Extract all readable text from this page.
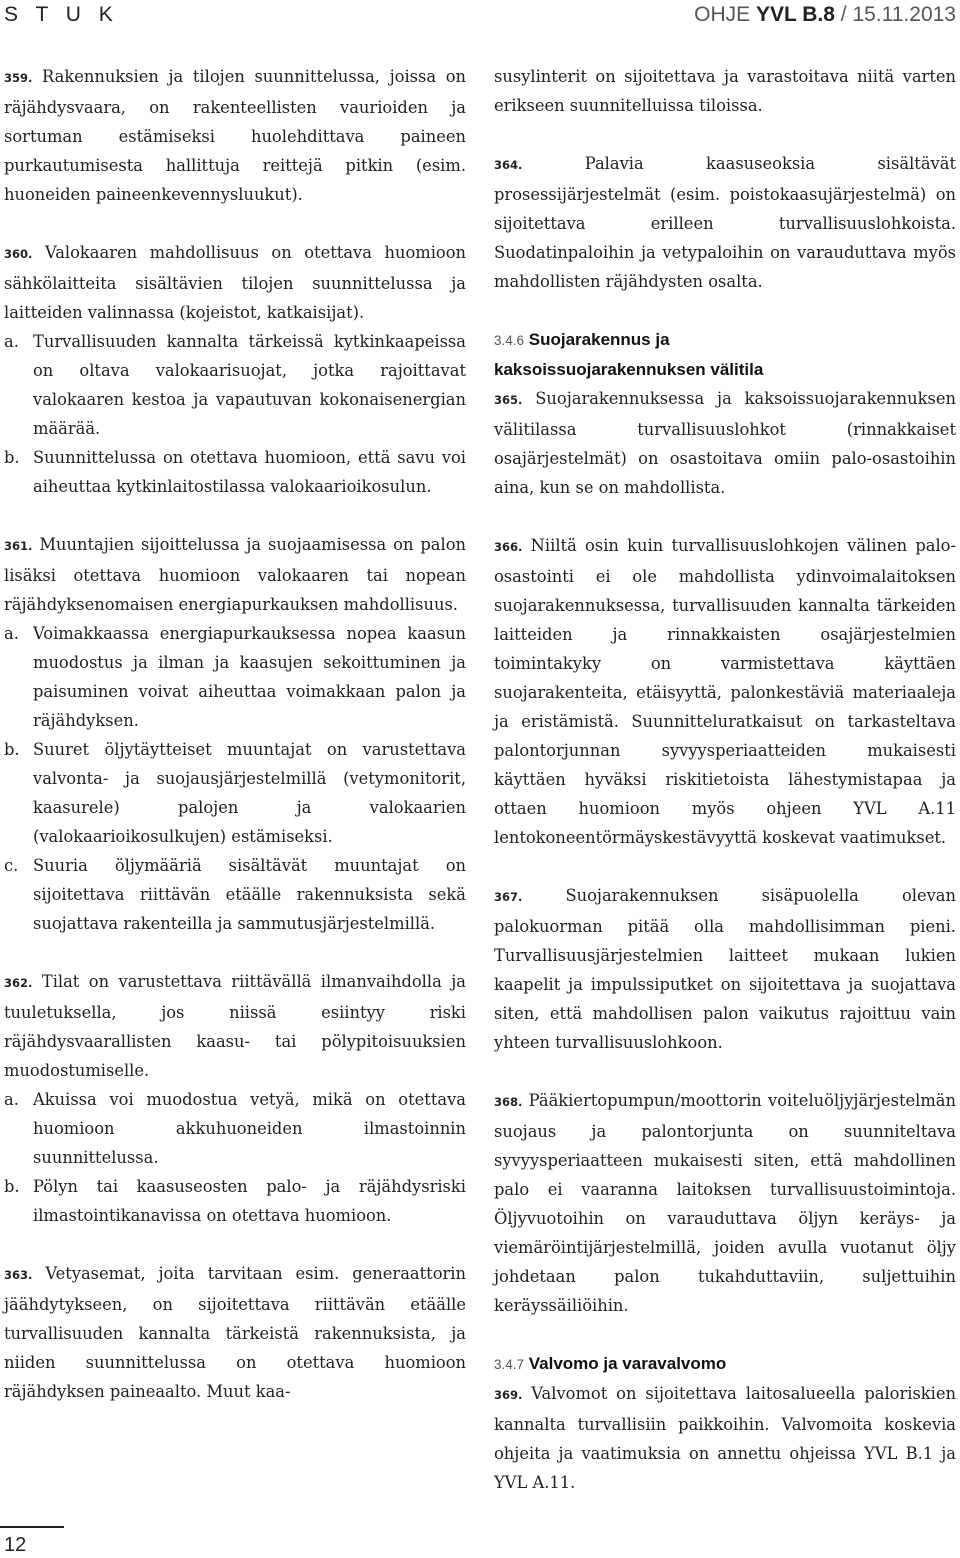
S T U K	OHJE YVL B.8 / 15.11.2013

359. Rakennuksien ja tilojen suunnittelussa, joissa on räjähdysvaara, on rakenteellisten vaurioiden ja sortuman estämiseksi huolehdittava paineen purkautumisesta hallittuja reittejä pitkin (esim. huoneiden paineenkevennysluukut).

360. Valokaaren mahdollisuus on otettava huomioon sähkölaitteita sisältävien tilojen suunnittelussa ja laitteiden valinnassa (kojeistot, katkaisijat).

a. Turvallisuuden kannalta tärkeissä kytkinkaapeissa on oltava valokaarisuojat, jotka rajoittavat valokaaren kestoa ja vapautuvan kokonaisenergian määrää.
b. Suunnittelussa on otettava huomioon, että savu voi aiheuttaa kytkinlaitostilassa valokaarioikosulun.

361. Muuntajien sijoittelussa ja suojaamisessa on palon lisäksi otettava huomioon valokaaren tai nopean räjähdyksenomaisen energiapurkauksen mahdollisuus.

a. Voimakkaassa energiapurkauksessa nopea kaasun muodostus ja ilman ja kaasujen sekoittuminen ja paisuminen voivat aiheuttaa voimakkaan palon ja räjähdyksen.
b. Suuret öljytäytteiset muuntajat on varustettava valvonta- ja suojausjärjestelmillä (vetymonitorit, kaasurele) palojen ja valokaarien (valokaarioikosulkujen) estämiseksi.
c. Suuria öljymääriä sisältävät muuntajat on sijoitettava riittävän etäälle rakennuksista sekä suojattava rakenteilla ja sammutusjärjestelmillä.

362. Tilat on varustettava riittävällä ilmanvaihdolla ja tuuletuksella, jos niissä esiintyy riski räjähdysvaarallisten kaasu- tai pölypitoisuuksien muodostumiselle.

a. Akuissa voi muodostua vetyä, mikä on otettava huomioon akkuhuoneiden ilmastoinnin suunnittelussa.
b. Pölyn tai kaasuseosten palo- ja räjähdysriski ilmastointikanavissa on otettava huomioon.

363. Vetyasemat, joita tarvitaan esim. generaattorin jäähdytykseen, on sijoitettava riittävän etäälle turvallisuuden kannalta tärkeistä rakennuksista, ja niiden suunnittelussa on otettava huomioon räjähdyksen paineaalto. Muut kaa-

susylinterit on sijoitettava ja varastoitava niitä varten erikseen suunnitelluissa tiloissa.

364.	Palavia kaasuseoksia sisältävät prosessijärjestelmät (esim. poistokaasujärjestelmä) on sijoitettava erilleen turvallisuuslohkoista. Suodatinpaloihin ja vetypaloihin on varauduttava myös mahdollisten räjähdysten osalta.

3.4.6 Suojarakennus ja
kaksoissuojarakennuksen välitila

365. Suojarakennuksessa ja kaksoissuojarakennuksen välitilassa turvallisuuslohkot (rinnakkaiset osajärjestelmät) on osastoitava omiin palo-osastoihin aina, kun se on mahdollista.

366. Niiltä osin kuin turvallisuuslohkojen välinen palo-osastointi ei ole mahdollista ydinvoimalaitoksen suojarakennuksessa, turvallisuuden kannalta tärkeiden laitteiden ja rinnakkaisten osajärjestelmien toimintakyky on varmistettava käyttäen suojarakenteita, etäisyyttä, palonkestäviä materiaaleja ja eristämistä. Suunnitteluratkaisut on tarkasteltava palontorjunnan syvyysperiaatteiden mukaisesti käyttäen hyväksi riskitietoista lähestymistapaa ja ottaen huomioon myös ohjeen YVL A.11 lentokoneentörmäyskestävyyttä koskevat vaatimukset.

367.	Suojarakennuksen sisäpuolella olevan palokuorman pitää olla mahdollisimman pieni. Turvallisuusjärjestelmien laitteet mukaan lukien kaapelit ja impulssiputket on sijoitettava ja suojattava siten, että mahdollisen palon vaikutus rajoittuu vain yhteen turvallisuuslohkoon.

368. Pääkiertopumpun/moottorin voiteluöljyjärjestelmän suojaus ja palontorjunta on suunniteltava syvyysperiaatteen mukaisesti siten, että mahdollinen palo ei vaaranna laitoksen turvallisuustoimintoja. Öljyvuotoihin on varauduttava öljyn keräys- ja viemäröintijärjestelmillä, joiden avulla vuotanut öljy johdetaan palon tukahduttaviin, suljettuihin keräyssäiliöihin.

3.4.7 Valvomo ja varavalvomo

369. Valvomot on sijoitettava laitosalueella paloriskien kannalta turvallisiin paikkoihin. Valvomoita koskevia ohjeita ja vaatimuksia on annettu ohjeissa YVL B.1 ja YVL A.11.

12
